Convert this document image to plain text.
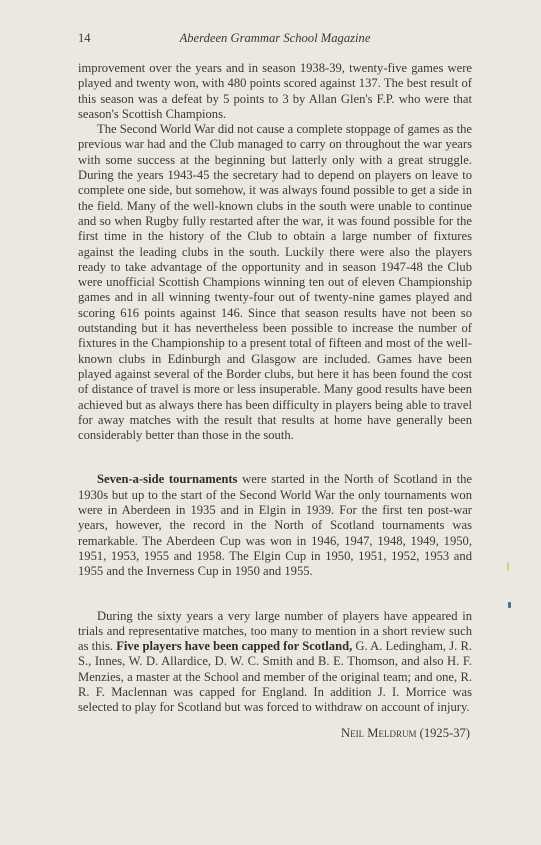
14	Aberdeen Grammar School Magazine

improvement over the years and in season 1938-39, twenty-five games were played and twenty won, with 480 points scored against 137. The best result of this season was a defeat by 5 points to 3 by Allan Glen's F.P. who were that season's Scottish Champions.

The Second World War did not cause a complete stoppage of games as the previous war had and the Club managed to carry on throughout the war years with some success at the beginning but latterly only with a great struggle. During the years 1943-45 the secretary had to depend on players on leave to complete one side, but somehow, it was always found possible to get a side in the field. Many of the well-known clubs in the south were unable to continue and so when Rugby fully restarted after the war, it was found possible for the first time in the history of the Club to obtain a large number of fixtures against the leading clubs in the south. Luckily there were also the players ready to take advantage of the opportunity and in season 1947-48 the Club were unofficial Scottish Champions winning ten out of eleven Championship games and in all winning twenty-four out of twenty-nine games played and scoring 616 points against 146. Since that season results have not been so outstanding but it has nevertheless been possible to increase the number of fixtures in the Championship to a present total of fifteen and most of the well-known clubs in Edinburgh and Glasgow are included. Games have been played against several of the Border clubs, but here it has been found the cost of distance of travel is more or less insuperable. Many good results have been achieved but as always there has been difficulty in players being able to travel for away matches with the result that results at home have generally been considerably better than those in the south.

Seven-a-side tournaments were started in the North of Scotland in the 1930s but up to the start of the Second World War the only tournaments won were in Aberdeen in 1935 and in Elgin in 1939. For the first ten post-war years, however, the record in the North of Scotland tournaments was remarkable. The Aberdeen Cup was won in 1946, 1947, 1948, 1949, 1950, 1951, 1953, 1955 and 1958. The Elgin Cup in 1950, 1951, 1952, 1953 and 1955 and the Inverness Cup in 1950 and 1955.

During the sixty years a very large number of players have appeared in trials and representative matches, too many to mention in a short review such as this. Five players have been capped for Scotland, G. A. Ledingham, J. R. S., Innes, W. D. Allardice, D. W. C. Smith and B. E. Thomson, and also H. F. Menzies, a master at the School and member of the original team; and one, R. R. F. Maclennan was capped for England. In addition J. I. Morrice was selected to play for Scotland but was forced to withdraw on account of injury.

Neil Meldrum (1925-37)
